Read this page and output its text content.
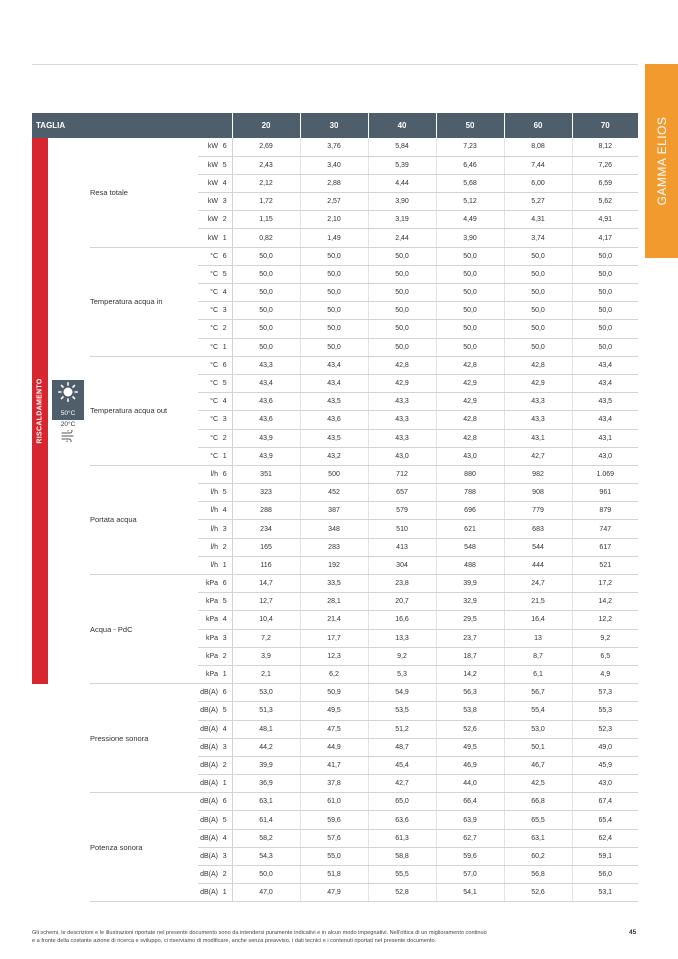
GAMMA ELIOS
TAGLIA					20	30	40	50	60	70

RISCALDAMENTO		Resa totale	kW	6	2,69	3,76	5,84	7,23	8,08	8,12
			kW	5	2,43	3,40	5,39	6,46	7,44	7,26
			kW	4	2,12	2,88	4,44	5,68	6,00	6,59
			kW	3	1,72	2,57	3,90	5,12	5,27	5,62
			kW	2	1,15	2,10	3,19	4,49	4,31	4,91
			kW	1	0,82	1,49	2,44	3,90	3,74	4,17
		Temperatura acqua in	°C	6	50,0	50,0	50,0	50,0	50,0	50,0
			°C	5	50,0	50,0	50,0	50,0	50,0	50,0
			°C	4	50,0	50,0	50,0	50,0	50,0	50,0
			°C	3	50,0	50,0	50,0	50,0	50,0	50,0
			°C	2	50,0	50,0	50,0	50,0	50,0	50,0
			°C	1	50,0	50,0	50,0	50,0	50,0	50,0
		Temperatura acqua out	°C	6	43,3	43,4	42,8	42,8	42,8	43,4
			°C	5	43,4	43,4	42,9	42,9	42,9	43,4
			°C	4	43,6	43,5	43,3	42,9	43,3	43,5
			°C	3	43,6	43,6	43,3	42,8	43,3	43,4
			°C	2	43,9	43,5	43,3	42,8	43,1	43,1
			°C	1	43,9	43,2	43,0	43,0	42,7	43,0
		Portata acqua	l/h	6	351	500	712	880	982	1.069
			l/h	5	323	452	657	788	908	961
			l/h	4	288	387	579	696	779	879
			l/h	3	234	348	510	621	683	747
			l/h	2	165	283	413	548	544	617
			l/h	1	116	192	304	488	444	521
		Acqua - PdC	kPa	6	14,7	33,5	23,8	39,9	24,7	17,2
			kPa	5	12,7	28,1	20,7	32,9	21,5	14,2
			kPa	4	10,4	21,4	16,6	29,5	16,4	12,2
			kPa	3	7,2	17,7	13,3	23,7	13	9,2
			kPa	2	3,9	12,3	9,2	18,7	8,7	6,5
			kPa	1	2,1	6,2	5,3	14,2	6,1	4,9
		Pressione sonora	dB(A)	6	53,0	50,9	54,9	56,3	56,7	57,3
			dB(A)	5	51,3	49,5	53,5	53,8	55,4	55,3
			dB(A)	4	48,1	47,5	51,2	52,6	53,0	52,3
			dB(A)	3	44,2	44,9	48,7	49,5	50,1	49,0
			dB(A)	2	39,9	41,7	45,4	46,9	46,7	45,9
			dB(A)	1	36,9	37,8	42,7	44,0	42,5	43,0
		Potenza sonora	dB(A)	6	63,1	61,0	65,0	66,4	66,8	67,4
			dB(A)	5	61,4	59,6	63,6	63,9	65,5	65,4
			dB(A)	4	58,2	57,6	61,3	62,7	63,1	62,4
			dB(A)	3	54,3	55,0	58,8	59,6	60,2	59,1
			dB(A)	2	50,0	51,8	55,5	57,0	56,8	56,0
			dB(A)	1	47,0	47,9	52,8	54,1	52,6	53,1
50°C
20°C
Gli schemi, le descrizioni e le illustrazioni riportate nel presente documento sono da intendersi puramente indicativi e in alcun modo impegnativi. Nell'ottica di un miglioramento continuo
e a fronte della costante azione di ricerca e sviluppo, ci riserviamo di modificare, anche senza preavviso, i dati tecnici e i contenuti riportati nel presente documento.
45
